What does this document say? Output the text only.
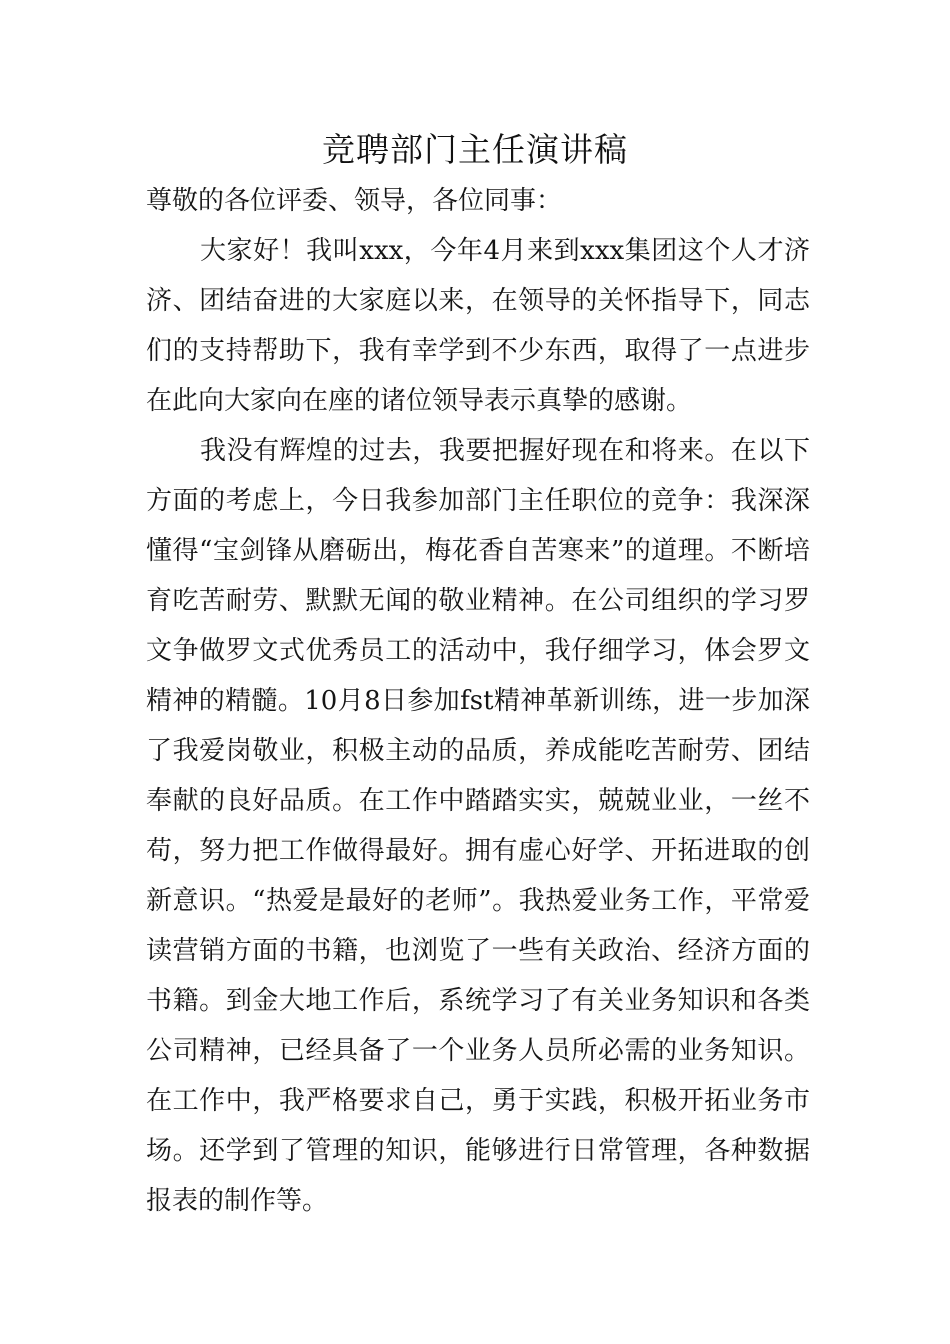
竞聘部门主任演讲稿

尊敬的各位评委、领导，各位同事：

大家好！我叫xxx，今年4月来到xxx集团这个人才济济、团结奋进的大家庭以来，在领导的关怀指导下，同志们的支持帮助下，我有幸学到不少东西，取得了一点进步在此向大家向在座的诸位领导表示真挚的感谢。

我没有辉煌的过去，我要把握好现在和将来。在以下方面的考虑上，今日我参加部门主任职位的竞争：我深深懂得“宝剑锋从磨砺出，梅花香自苦寒来”的道理。不断培育吃苦耐劳、默默无闻的敬业精神。在公司组织的学习罗文争做罗文式优秀员工的活动中，我仔细学习，体会罗文精神的精髓。10月8日参加fst精神革新训练，进一步加深了我爱岗敬业，积极主动的品质，养成能吃苦耐劳、团结奉献的良好品质。在工作中踏踏实实，兢兢业业，一丝不苟，努力把工作做得最好。拥有虚心好学、开拓进取的创新意识。“热爱是最好的老师”。我热爱业务工作，平常爱读营销方面的书籍，也浏览了一些有关政治、经济方面的书籍。到金大地工作后，系统学习了有关业务知识和各类公司精神，已经具备了一个业务人员所必需的业务知识。在工作中，我严格要求自己，勇于实践，积极开拓业务市场。还学到了管理的知识，能够进行日常管理，各种数据报表的制作等。
